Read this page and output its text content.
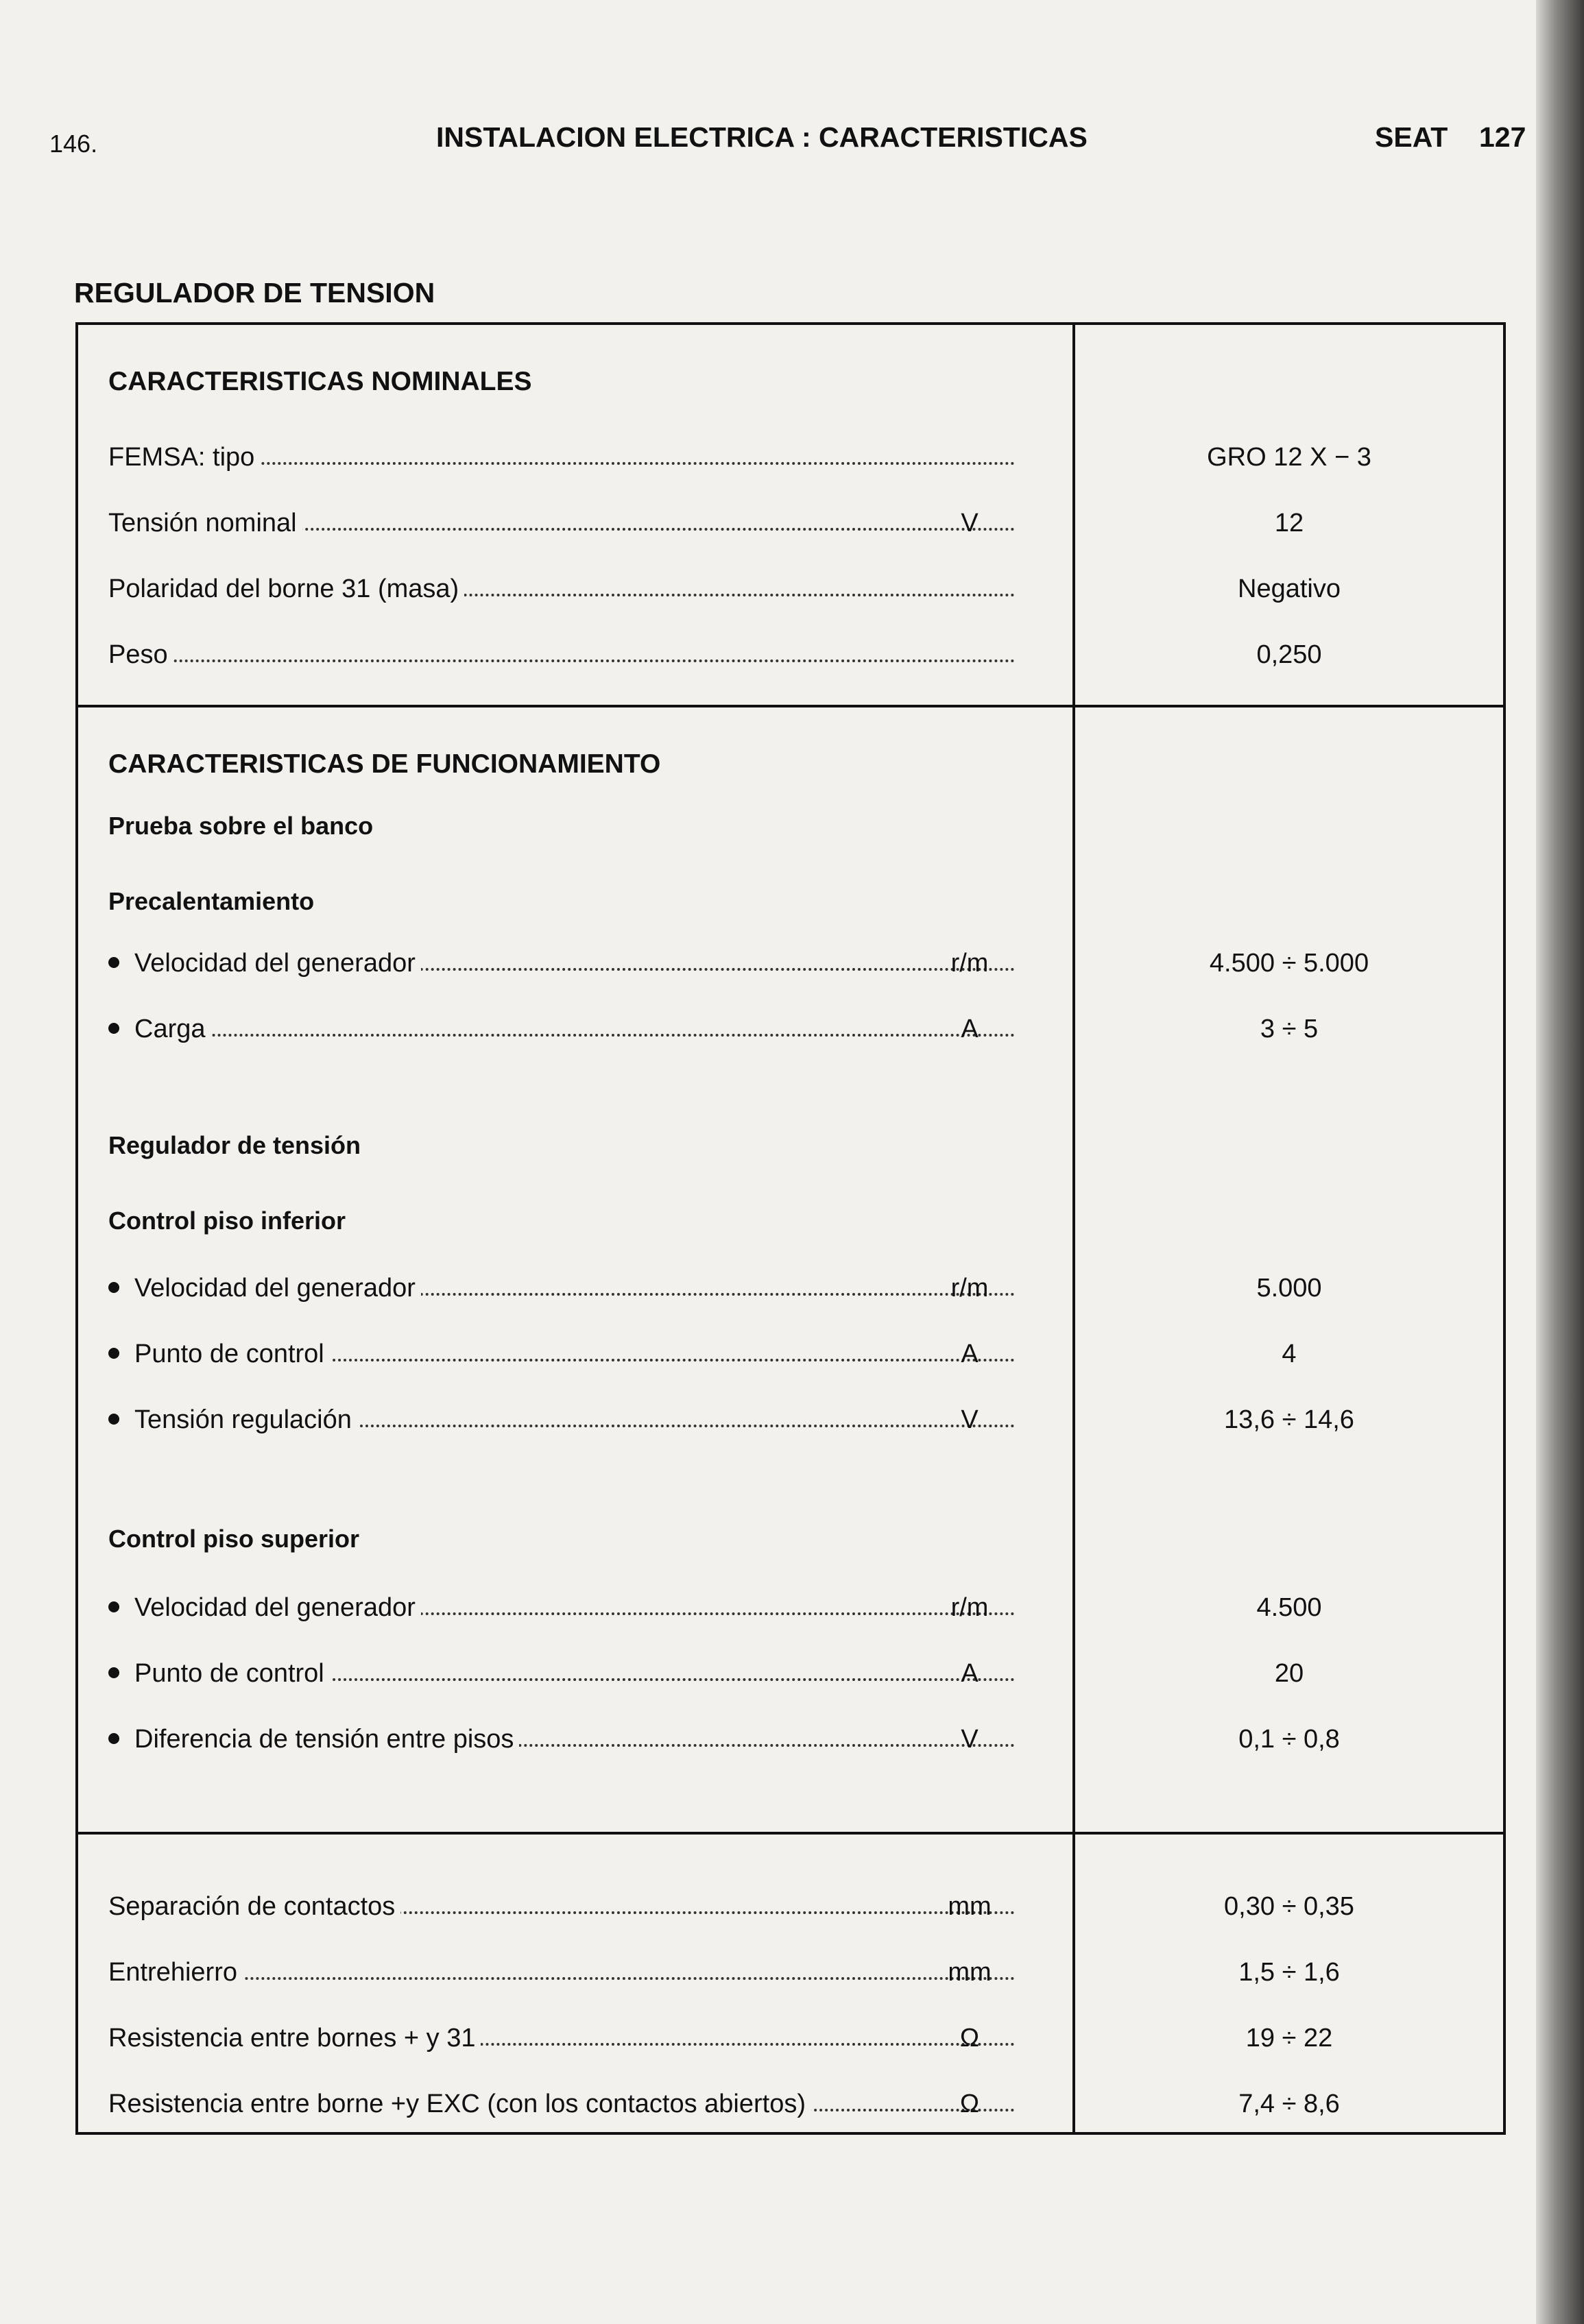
146.	INSTALACION ELECTRICA : CARACTERISTICAS	SEAT 127
REGULADOR DE TENSION
CARACTERISTICAS NOMINALES
FEMSA: tipo	GRO 12 X − 3
Tensión nominal	V	12
Polaridad del borne 31 (masa)	Negativo
Peso	0,250
CARACTERISTICAS DE FUNCIONAMIENTO
Prueba sobre el banco
Precalentamiento
Velocidad del generador	r/m	4.500 ÷ 5.000
Carga	A	3 ÷ 5
Regulador de tensión
Control piso inferior
Velocidad del generador	r/m	5.000
Punto de control	A	4
Tensión regulación	V	13,6 ÷ 14,6
Control piso superior
Velocidad del generador	r/m	4.500
Punto de control	A	20
Diferencia de tensión entre pisos	V	0,1 ÷ 0,8
Separación de contactos	mm	0,30 ÷ 0,35
Entrehierro	mm	1,5 ÷ 1,6
Resistencia entre bornes + y 31	Ω	19 ÷ 22
Resistencia entre borne +y EXC (con los contactos abiertos)	Ω	7,4 ÷ 8,6
